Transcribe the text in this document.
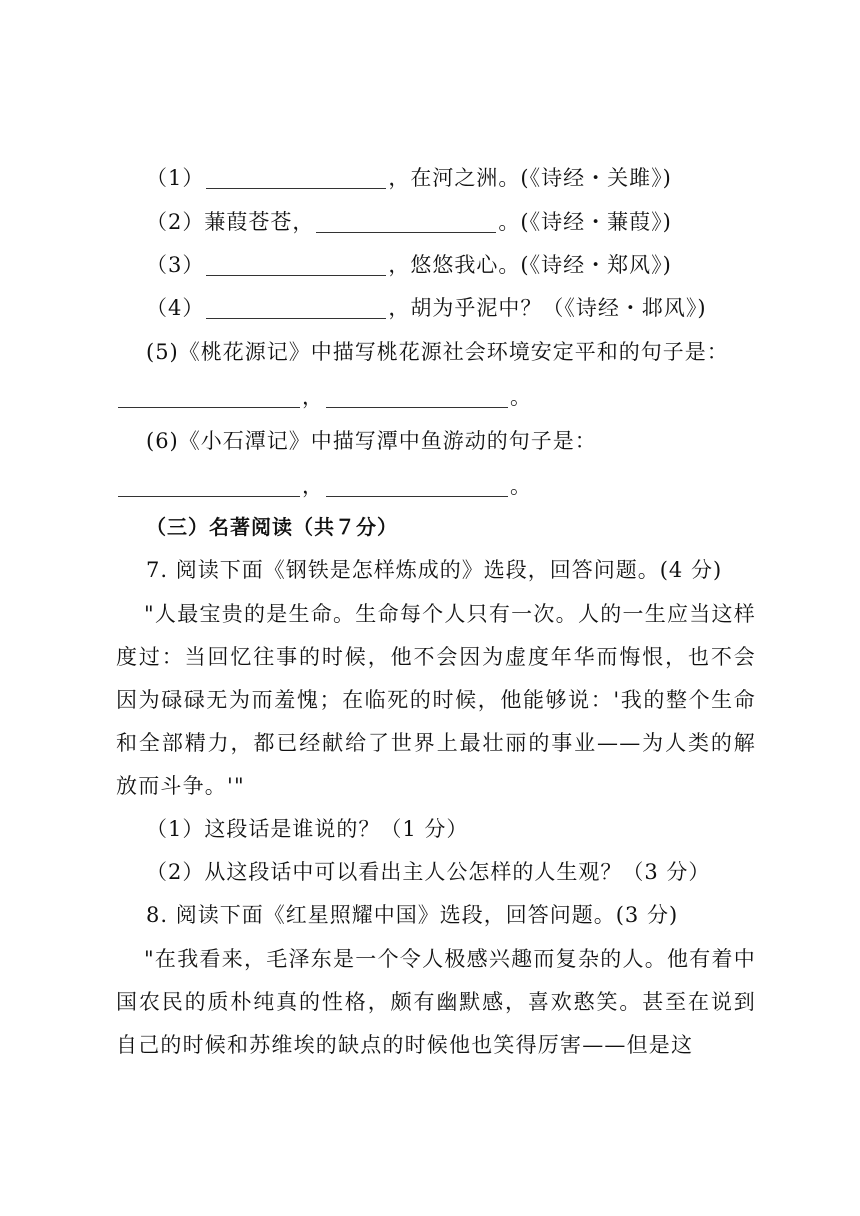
（1）	，在河之洲。(《诗经・关雎》)
（2）蒹葭苍苍，	。(《诗经・蒹葭》)
（3）	，悠悠我心。(《诗经・郑风》)
（4）	，胡为乎泥中？（《诗经・邶风》)
(5)《桃花源记》中描写桃花源社会环境安定平和的句子是：
，	。
(6)《小石潭记》中描写潭中鱼游动的句子是：
，	。
（三）名著阅读（共７分）
7. 阅读下面《钢铁是怎样炼成的》选段，回答问题。(4 分)
"人最宝贵的是生命。生命每个人只有一次。人的一生应当这样度过：当回忆往事的时候，他不会因为虚度年华而悔恨，也不会因为碌碌无为而羞愧；在临死的时候，他能够说：'我的整个生命和全部精力，都已经献给了世界上最壮丽的事业——为人类的解放而斗争。'"
（1）这段话是谁说的？（1 分）
（2）从这段话中可以看出主人公怎样的人生观？（3 分）
8. 阅读下面《红星照耀中国》选段，回答问题。(3 分)
"在我看来，毛泽东是一个令人极感兴趣而复杂的人。他有着中国农民的质朴纯真的性格，颇有幽默感，喜欢憨笑。甚至在说到自己的时候和苏维埃的缺点的时候他也笑得厉害——但是这
